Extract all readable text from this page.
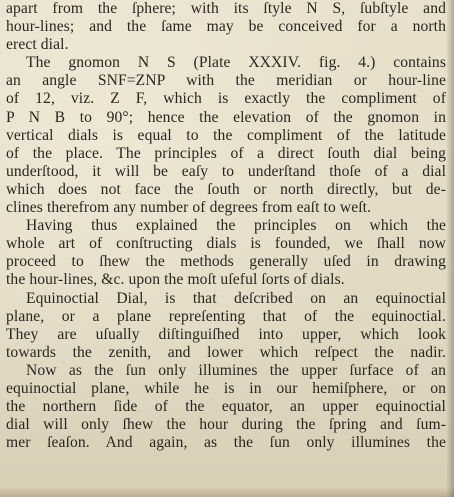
apart from the ſphere; with its ſtyle N S, ſubſtyle and
hour-lines; and the ſame may be conceived for a north
erect dial.
The gnomon N S (Plate XXXIV. fig. 4.) contains
an angle SNF=ZNP with the meridian or hour-line
of 12, viz. Z F, which is exactly the compliment of
P N B to 90°; hence the elevation of the gnomon in
vertical dials is equal to the compliment of the latitude
of the place. The principles of a direct ſouth dial being
underſtood, it will be eaſy to underſtand thoſe of a dial
which does not face the ſouth or north directly, but de-
clines therefrom any number of degrees from eaſt to weſt.
Having thus explained the principles on which the
whole art of conſtructing dials is founded, we ſhall now
proceed to ſhew the methods generally uſed in drawing
the hour-lines, &c. upon the moſt uſeful ſorts of dials.
Equinoctial Dial, is that deſcribed on an equinoctial
plane, or a plane repreſenting that of the equinoctial.
They are uſually diſtinguiſhed into upper, which look
towards the zenith, and lower which reſpect the nadir.
Now as the ſun only illumines the upper ſurface of an
equinoctial plane, while he is in our hemiſphere, or on
the northern ſide of the equator, an upper equinoctial
dial will only ſhew the hour during the ſpring and ſum-
mer ſeaſon. And again, as the ſun only illumines the
